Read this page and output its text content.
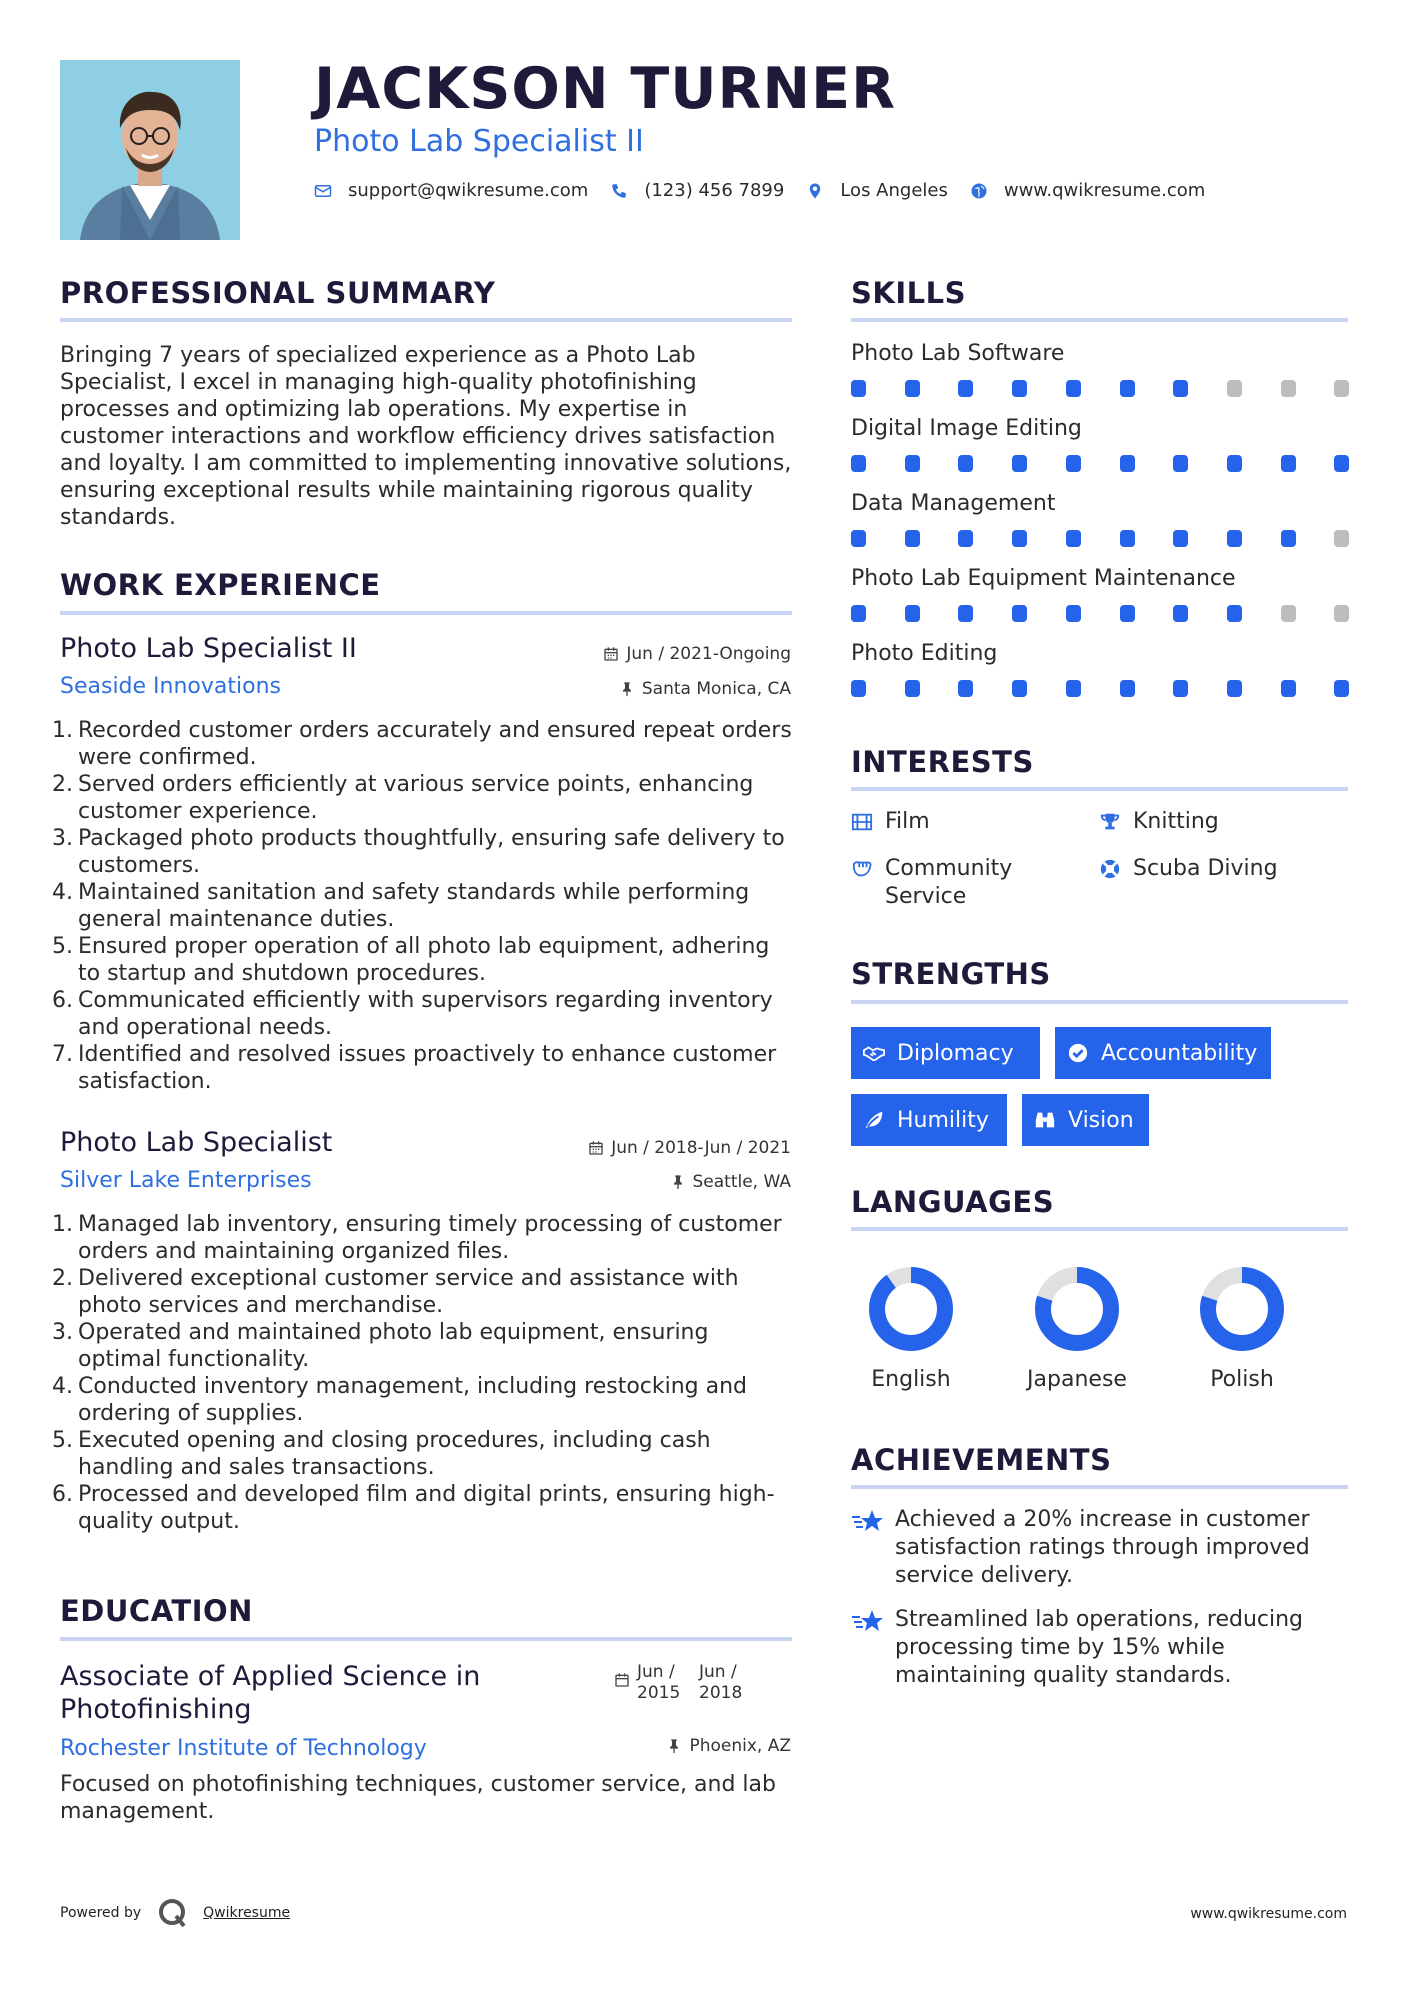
JACKSON TURNER
Photo Lab Specialist II
support@qwikresume.com	(123) 456 7899	Los Angeles	www.qwikresume.com
PROFESSIONAL SUMMARY
Bringing 7 years of specialized experience as a Photo Lab Specialist, I excel in managing high-quality photofinishing processes and optimizing lab operations. My expertise in customer interactions and workflow efficiency drives satisfaction and loyalty. I am committed to implementing innovative solutions, ensuring exceptional results while maintaining rigorous quality standards.
WORK EXPERIENCE
Photo Lab Specialist II	Jun / 2021-Ongoing
Seaside Innovations	Santa Monica, CA
1. Recorded customer orders accurately and ensured repeat orders were confirmed.
2. Served orders efficiently at various service points, enhancing customer experience.
3. Packaged photo products thoughtfully, ensuring safe delivery to customers.
4. Maintained sanitation and safety standards while performing general maintenance duties.
5. Ensured proper operation of all photo lab equipment, adhering to startup and shutdown procedures.
6. Communicated efficiently with supervisors regarding inventory and operational needs.
7. Identified and resolved issues proactively to enhance customer satisfaction.
Photo Lab Specialist	Jun / 2018-Jun / 2021
Silver Lake Enterprises	Seattle, WA
1. Managed lab inventory, ensuring timely processing of customer orders and maintaining organized files.
2. Delivered exceptional customer service and assistance with photo services and merchandise.
3. Operated and maintained photo lab equipment, ensuring optimal functionality.
4. Conducted inventory management, including restocking and ordering of supplies.
5. Executed opening and closing procedures, including cash handling and sales transactions.
6. Processed and developed film and digital prints, ensuring high-quality output.
EDUCATION
Associate of Applied Science in Photofinishing
Jun / 2015
Jun / 2018
Rochester Institute of Technology	Phoenix, AZ
Focused on photofinishing techniques, customer service, and lab management.
SKILLS
Photo Lab Software
Digital Image Editing
Data Management
Photo Lab Equipment Maintenance
Photo Editing
INTERESTS
Film	Knitting
Community Service
Scuba Diving
STRENGTHS
Diplomacy	Accountability
Humility	Vision
LANGUAGES
English	Japanese	Polish
ACHIEVEMENTS
Achieved a 20% increase in customer satisfaction ratings through improved service delivery.
Streamlined lab operations, reducing processing time by 15% while maintaining quality standards.
Powered by	Qwikresume	www.qwikresume.com
